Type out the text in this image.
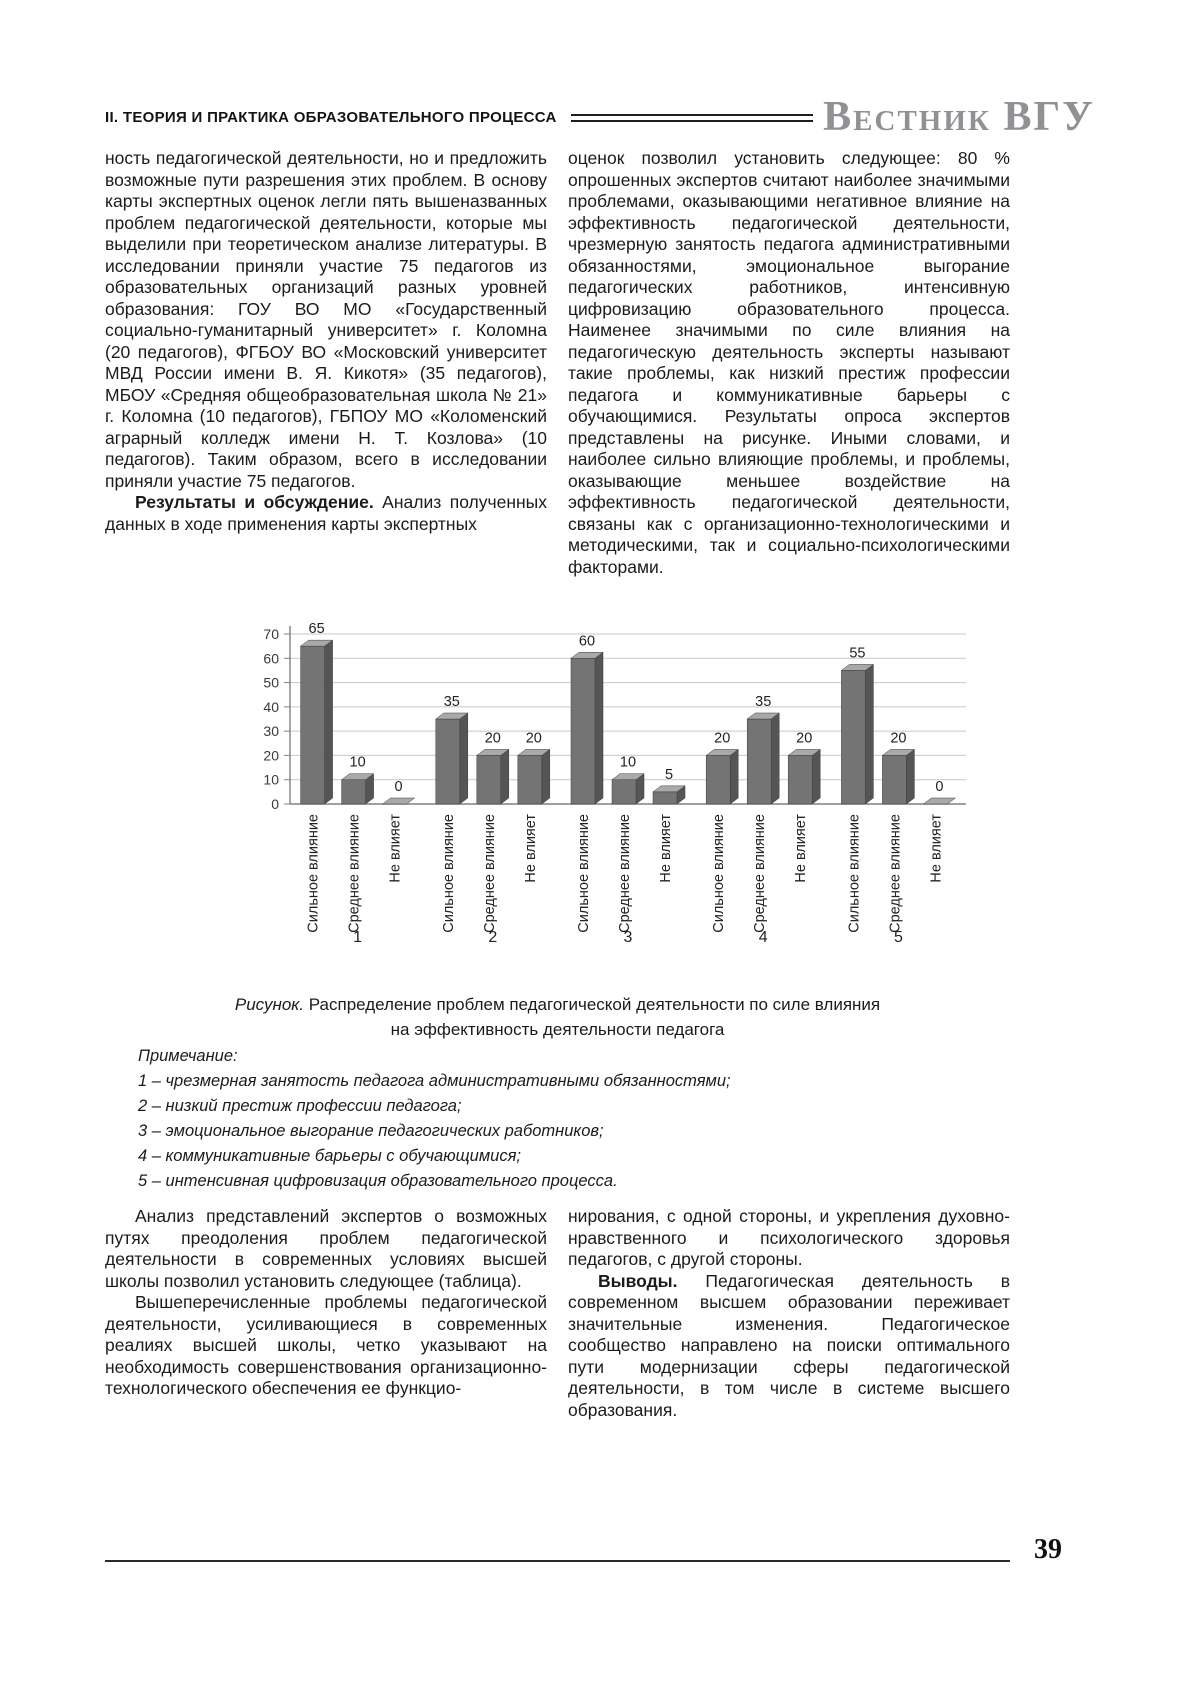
II. ТЕОРИЯ И ПРАКТИКА ОБРАЗОВАТЕЛЬНОГО ПРОЦЕССА	Вестник ВГУ

ность педагогической деятельности, но и предложить возможные пути разрешения этих проблем. В основу карты экспертных оценок легли пять вышеназванных проблем педагогической деятельности, которые мы выделили при теоретическом анализе литературы. В исследовании приняли участие 75 педагогов из образовательных организаций разных уровней образования: ГОУ ВО МО «Государственный социально-гуманитарный университет» г. Коломна (20 педагогов), ФГБОУ ВО «Московский университет МВД России имени В. Я. Кикотя» (35 педагогов), МБОУ «Средняя общеобразовательная школа № 21» г. Коломна (10 педагогов), ГБПОУ МО «Коломенский аграрный колледж имени Н. Т. Козлова» (10 педагогов). Таким образом, всего в исследовании приняли участие 75 педагогов.

Результаты и обсуждение. Анализ полученных данных в ходе применения карты экспертных

оценок позволил установить следующее: 80 % опрошенных экспертов считают наиболее значимыми проблемами, оказывающими негативное влияние на эффективность педагогической деятельности, чрезмерную занятость педагога административными обязанностями, эмоциональное выгорание педагогических работников, интенсивную цифровизацию образовательного процесса. Наименее значимыми по силе влияния на педагогическую деятельность эксперты называют такие проблемы, как низкий престиж профессии педагога и коммуникативные барьеры с обучающимися. Результаты опроса экспертов представлены на рисунке. Иными словами, и наиболее сильно влияющие проблемы, и проблемы, оказывающие меньшее воздействие на эффективность педагогической деятельности, связаны как с организационно-технологическими и методическими, так и социально-психологическими факторами.

0
10
20
30
40
50
60
70 65
Сильное влияние
10
Среднее влияние
0
Не влияет
1
35
Сильное влияние
20
Среднее влияние
20
Не влияет
2
60
Сильное влияние
10
Среднее влияние
5
Не влияет
3
20
Сильное влияние
35
Среднее влияние
20
Не влияет
4
55
Сильное влияние
20
Среднее влияние
0
Не влияет
5
Рисунок. Распределение проблем педагогической деятельности по силе влияния
на эффективность деятельности педагога
Примечание:
1 – чрезмерная занятость педагога административными обязанностями;
2 – низкий престиж профессии педагога;
3 – эмоциональное выгорание педагогических работников;
4 – коммуникативные барьеры с обучающимися;
5 – интенсивная цифровизация образовательного процесса.

Анализ представлений экспертов о возможных путях преодоления проблем педагогической деятельности в современных условиях высшей школы позволил установить следующее (таблица).

Вышеперечисленные проблемы педагогической деятельности, усиливающиеся в современных реалиях высшей школы, четко указывают на необходимость совершенствования организационно-технологического обеспечения ее функцио-

нирования, с одной стороны, и укрепления духовно-нравственного и психологического здоровья педагогов, с другой стороны.

Выводы. Педагогическая деятельность в современном высшем образовании переживает значительные изменения. Педагогическое сообщество направлено на поиски оптимального пути модернизации сферы педагогической деятельности, в том числе в системе высшего образования.

39
